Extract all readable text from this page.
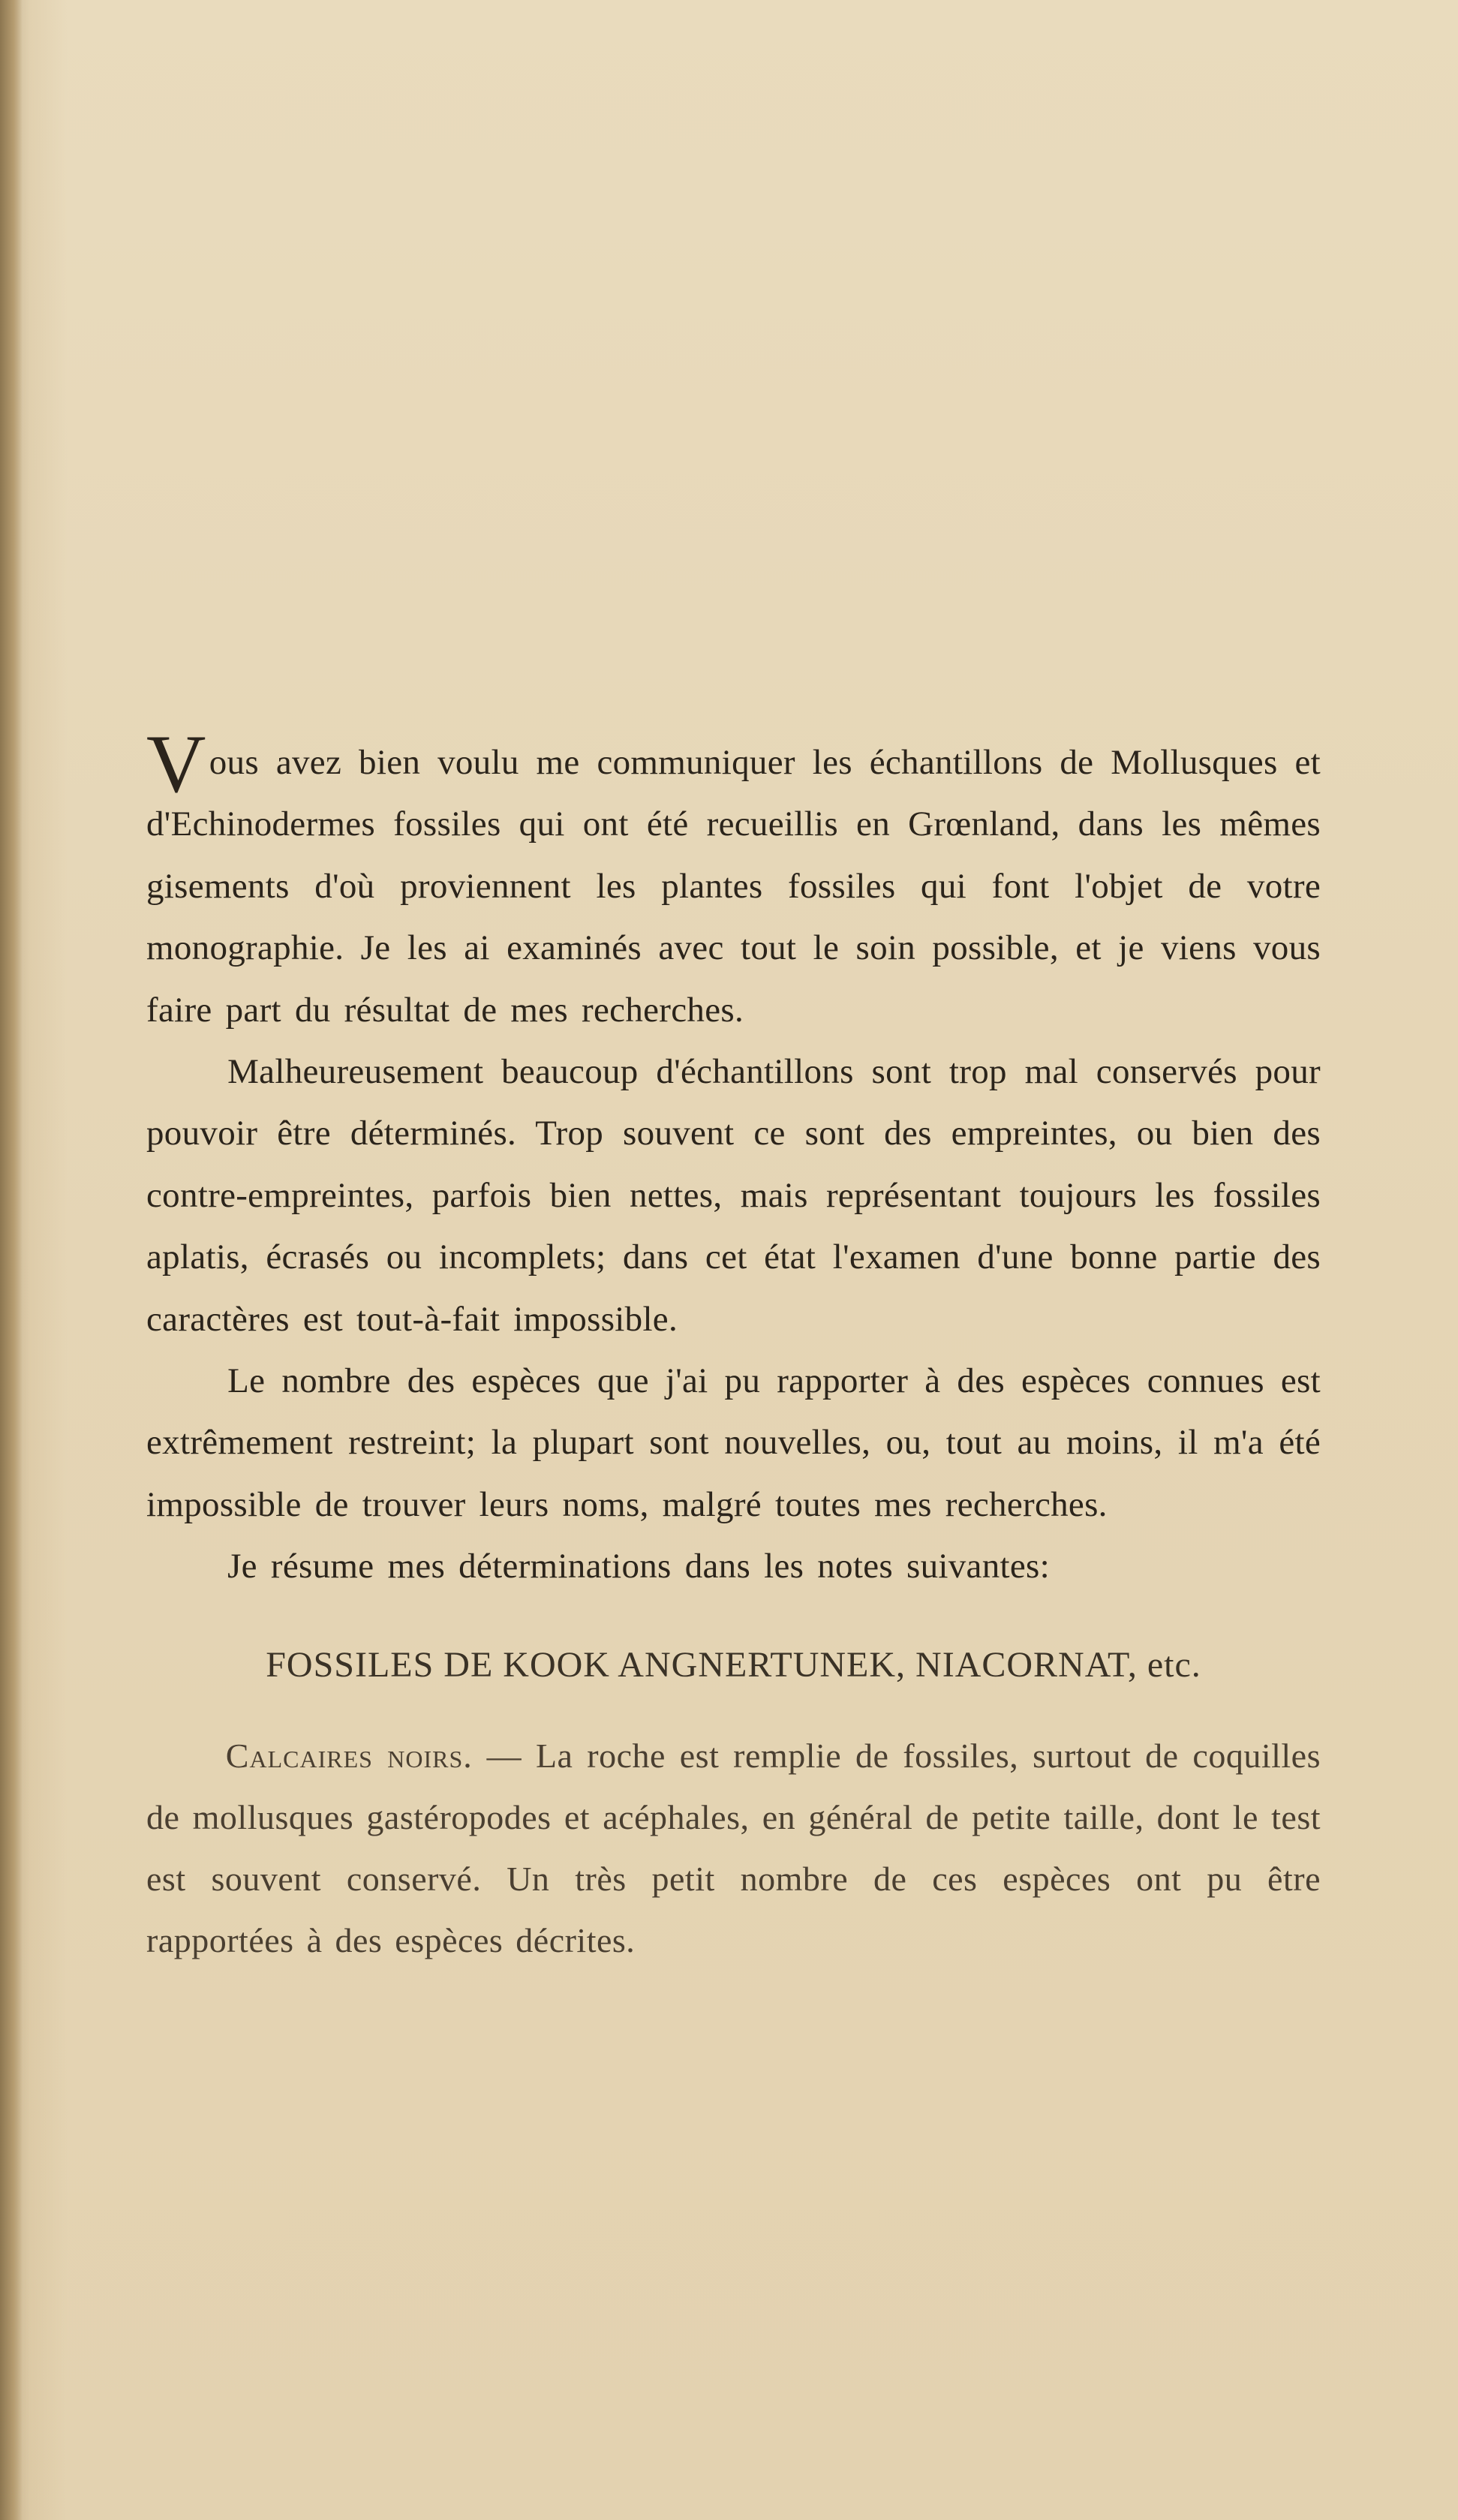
Vous avez bien voulu me communiquer les échantillons de Mollusques et d'Echinodermes fossiles qui ont été recueillis en Grœnland, dans les mêmes gisements d'où proviennent les plantes fossiles qui font l'objet de votre monographie. Je les ai examinés avec tout le soin possible, et je viens vous faire part du résultat de mes recherches.

Malheureusement beaucoup d'échantillons sont trop mal conservés pour pouvoir être déterminés. Trop souvent ce sont des empreintes, ou bien des contre-empreintes, parfois bien nettes, mais représentant toujours les fossiles aplatis, écrasés ou incomplets; dans cet état l'examen d'une bonne partie des caractères est tout-à-fait impossible.

Le nombre des espèces que j'ai pu rapporter à des espèces connues est extrêmement restreint; la plupart sont nouvelles, ou, tout au moins, il m'a été impossible de trouver leurs noms, malgré toutes mes recherches.

Je résume mes déterminations dans les notes suivantes:

FOSSILES DE KOOK ANGNERTUNEK, NIACORNAT, etc.

Calcaires noirs. — La roche est remplie de fossiles, surtout de coquilles de mollusques gastéropodes et acéphales, en général de petite taille, dont le test est souvent conservé. Un très petit nombre de ces espèces ont pu être rapportées à des espèces décrites.
